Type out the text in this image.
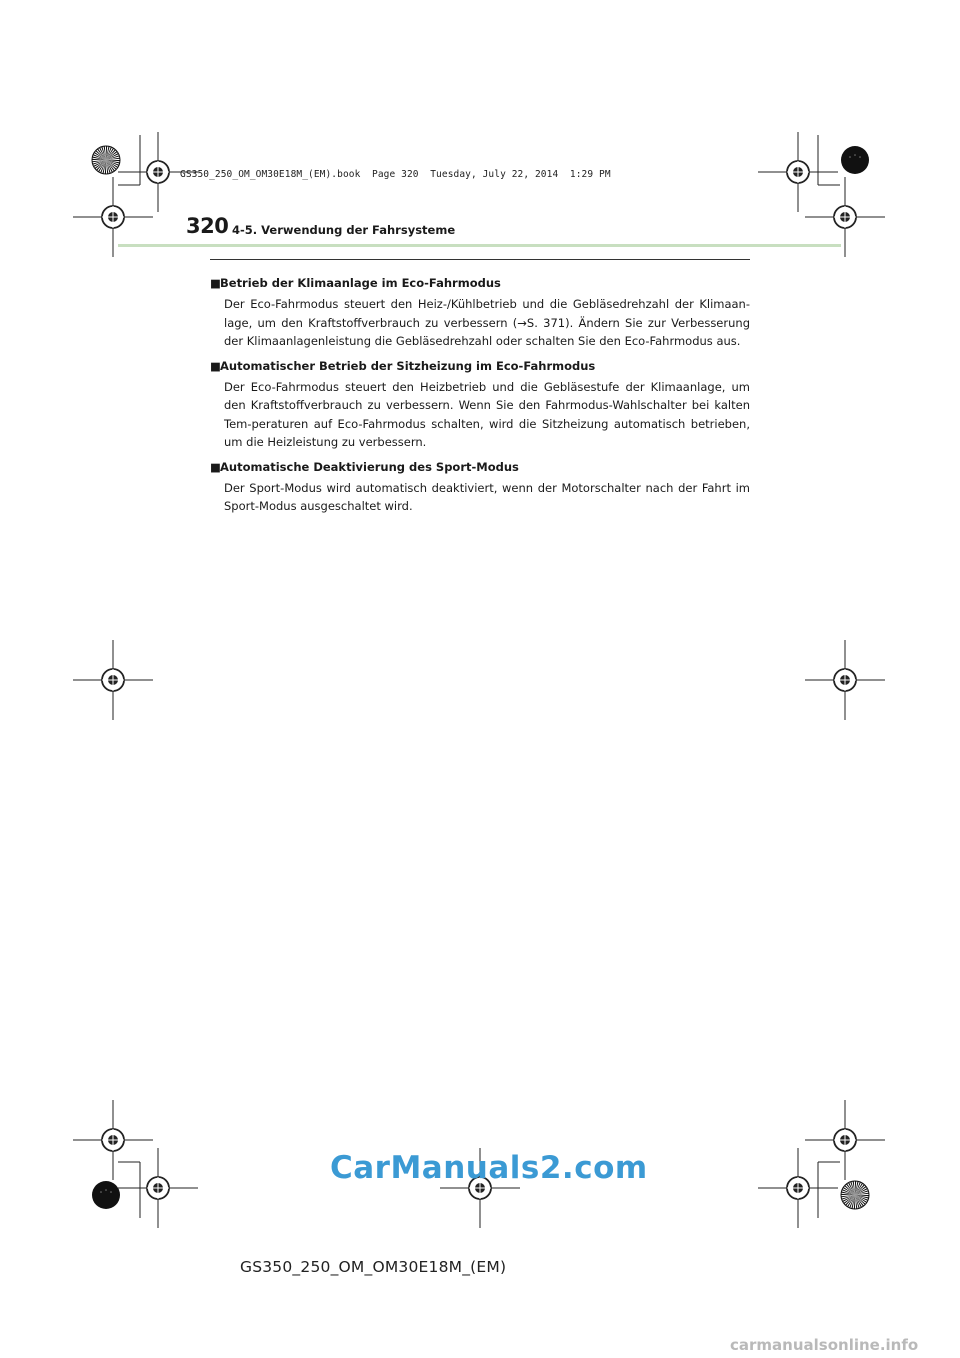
GS350_250_OM_OM30E18M_(EM).book  Page 320  Tuesday, July 22, 2014  1:29 PM
320 4-5. Verwendung der Fahrsysteme
■Betrieb der Klimaanlage im Eco-Fahrmodus
Der Eco-Fahrmodus steuert den Heiz-/Kühlbetrieb und die Gebläsedrehzahl der Klimaan-lage, um den Kraftstoffverbrauch zu verbessern (→S. 371). Ändern Sie zur Verbesserung der Klimaanlagenleistung die Gebläsedrehzahl oder schalten Sie den Eco-Fahrmodus aus.
■Automatischer Betrieb der Sitzheizung im Eco-Fahrmodus
Der Eco-Fahrmodus steuert den Heizbetrieb und die Gebläsestufe der Klimaanlage, um den Kraftstoffverbrauch zu verbessern. Wenn Sie den Fahrmodus-Wahlschalter bei kalten Tem-peraturen auf Eco-Fahrmodus schalten, wird die Sitzheizung automatisch betrieben, um die Heizleistung zu verbessern.
■Automatische Deaktivierung des Sport-Modus
Der Sport-Modus wird automatisch deaktiviert, wenn der Motorschalter nach der Fahrt im Sport-Modus ausgeschaltet wird.
CarManuals2.com
GS350_250_OM_OM30E18M_(EM)
carmanualsonline.info
